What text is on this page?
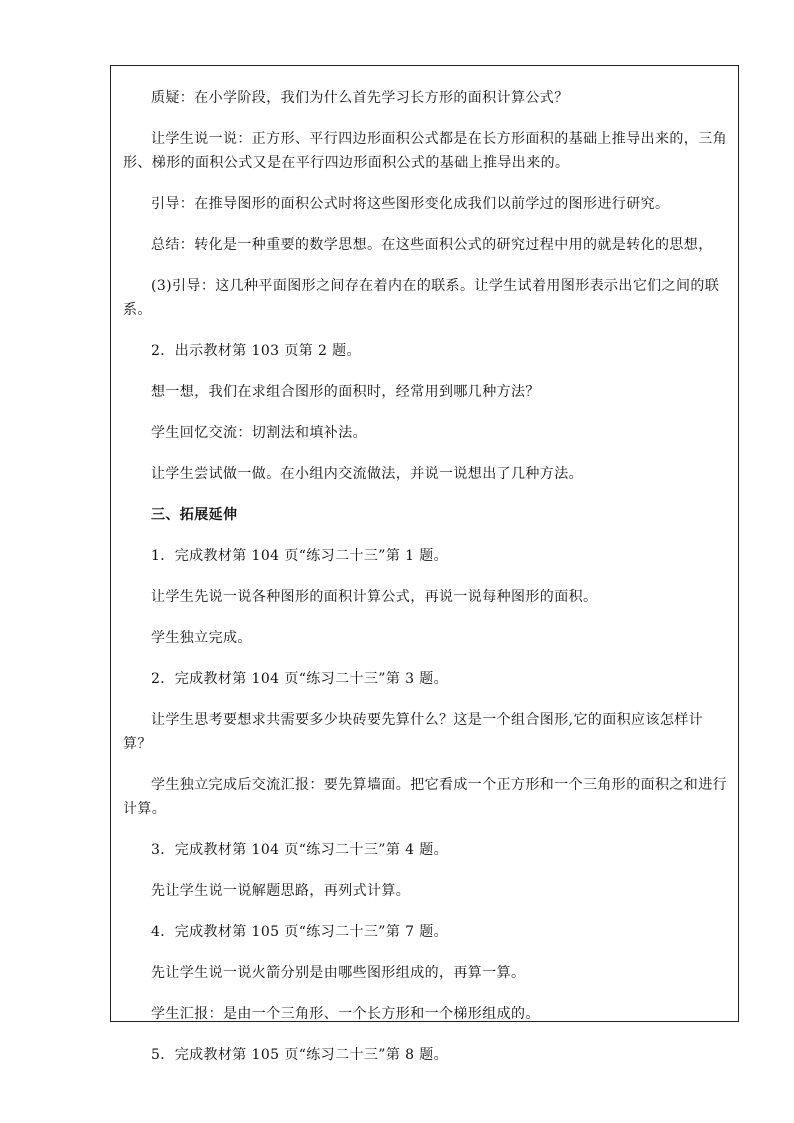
质疑：在小学阶段，我们为什么首先学习长方形的面积计算公式？

让学生说一说：正方形、平行四边形面积公式都是在长方形面积的基础上推导出来的，三角形、梯形的面积公式又是在平行四边形面积公式的基础上推导出来的。

引导：在推导图形的面积公式时将这些图形变化成我们以前学过的图形进行研究。

总结：转化是一种重要的数学思想。在这些面积公式的研究过程中用的就是转化的思想，

(3)引导：这几种平面图形之间存在着内在的联系。让学生试着用图形表示出它们之间的联系。

2．出示教材第 103 页第 2 题。

想一想，我们在求组合图形的面积时，经常用到哪几种方法？

学生回忆交流：切割法和填补法。

让学生尝试做一做。在小组内交流做法，并说一说想出了几种方法。

三、拓展延伸

1．完成教材第 104 页“练习二十三”第 1 题。

让学生先说一说各种图形的面积计算公式，再说一说每种图形的面积。

学生独立完成。

2．完成教材第 104 页“练习二十三”第 3 题。

让学生思考要想求共需要多少块砖要先算什么？这是一个组合图形,它的面积应该怎样计算？

学生独立完成后交流汇报：要先算墙面。把它看成一个正方形和一个三角形的面积之和进行计算。

3．完成教材第 104 页“练习二十三”第 4 题。

先让学生说一说解题思路，再列式计算。

4．完成教材第 105 页“练习二十三”第 7 题。

先让学生说一说火箭分别是由哪些图形组成的，再算一算。

学生汇报：是由一个三角形、一个长方形和一个梯形组成的。

5．完成教材第 105 页“练习二十三”第 8 题。
